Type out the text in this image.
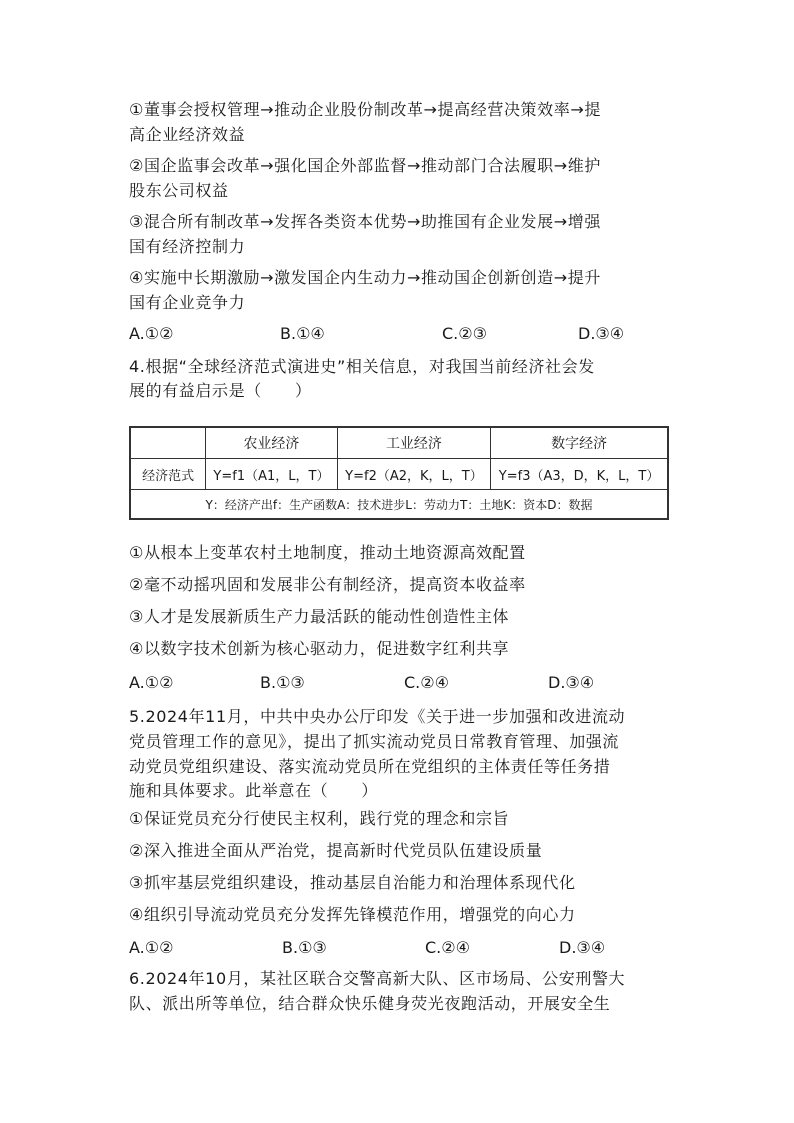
①董事会授权管理→推动企业股份制改革→提高经营决策效率→提
高企业经济效益
②国企监事会改革→强化国企外部监督→推动部门合法履职→维护
股东公司权益
③混合所有制改革→发挥各类资本优势→助推国有企业发展→增强
国有经济控制力
④实施中长期激励→激发国企内生动力→推动国企创新创造→提升
国有企业竞争力
A.①②	B.①④	C.②③	D.③④
4.根据“全球经济范式演进史”相关信息，对我国当前经济社会发
展的有益启示是（　　）
	农业经济	工业经济	数字经济
经济范式	Y=f1（A1，L，T）	Y=f2（A2，K，L，T）	Y=f3（A3，D，K，L，T）
Y：经济产出f：生产函数A：技术进步L：劳动力T：土地K：资本D：数据			
①从根本上变革农村土地制度，推动土地资源高效配置
②毫不动摇巩固和发展非公有制经济，提高资本收益率
③人才是发展新质生产力最活跃的能动性创造性主体
④以数字技术创新为核心驱动力，促进数字红利共享
A.①②	B.①③	C.②④	D.③④
5.2024年11月，中共中央办公厅印发《关于进一步加强和改进流动
党员管理工作的意见》，提出了抓实流动党员日常教育管理、加强流
动党员党组织建设、落实流动党员所在党组织的主体责任等任务措
施和具体要求。此举意在（　　）
①保证党员充分行使民主权利，践行党的理念和宗旨
②深入推进全面从严治党，提高新时代党员队伍建设质量
③抓牢基层党组织建设，推动基层自治能力和治理体系现代化
④组织引导流动党员充分发挥先锋模范作用，增强党的向心力
A.①②	B.①③	C.②④	D.③④
6.2024年10月，某社区联合交警高新大队、区市场局、公安刑警大
队、派出所等单位，结合群众快乐健身荧光夜跑活动，开展安全生
